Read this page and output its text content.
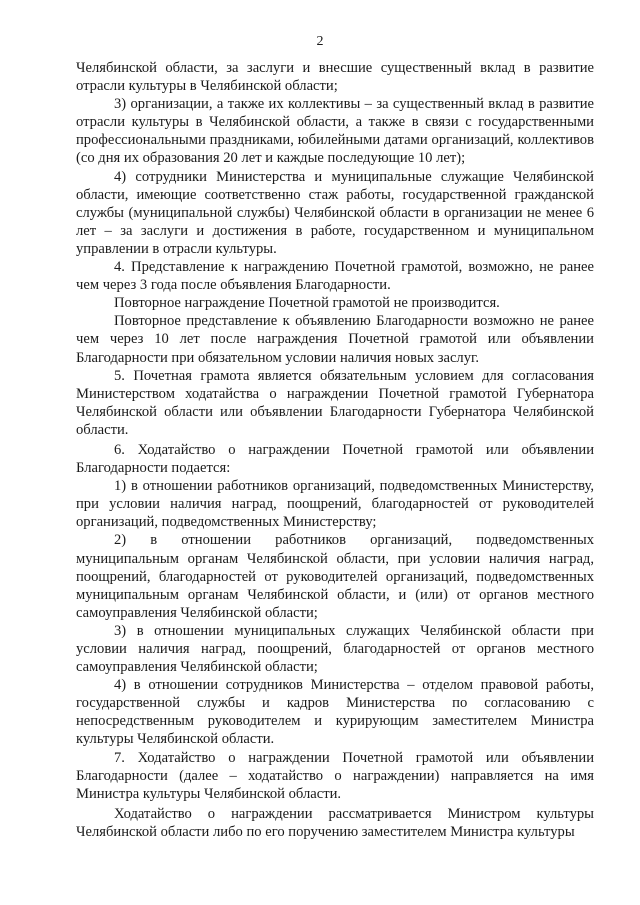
2

Челябинской области, за заслуги и внесшие существенный вклад в развитие отрасли культуры в Челябинской области;

3) организации, а также их коллективы – за существенный вклад в развитие отрасли культуры в Челябинской области, а также в связи с государственными профессиональными праздниками, юбилейными датами организаций, коллективов (со дня их образования 20 лет и каждые последующие 10 лет);

4) сотрудники Министерства и муниципальные служащие Челябинской области, имеющие соответственно стаж работы, государственной гражданской службы (муниципальной службы) Челябинской области в организации не менее 6 лет – за заслуги и достижения в работе, государственном и муниципальном управлении в отрасли культуры.

4. Представление к награждению Почетной грамотой, возможно, не ранее чем через 3 года после объявления Благодарности.

Повторное награждение Почетной грамотой не производится.

Повторное представление к объявлению Благодарности возможно не ранее чем через 10 лет после награждения Почетной грамотой или объявлении Благодарности при обязательном условии наличия новых заслуг.

5. Почетная грамота является обязательным условием для согласования Министерством ходатайства о награждении Почетной грамотой Губернатора Челябинской области или объявлении Благодарности Губернатора Челябинской области.

6. Ходатайство о награждении Почетной грамотой или объявлении Благодарности подается:

1) в отношении работников организаций, подведомственных Министерству, при условии наличия наград, поощрений, благодарностей от руководителей организаций, подведомственных Министерству;

2) в отношении работников организаций, подведомственных муниципальным органам Челябинской области, при условии наличия наград, поощрений, благодарностей от руководителей организаций, подведомственных муниципальным органам Челябинской области, и (или) от органов местного самоуправления Челябинской области;

3) в отношении муниципальных служащих Челябинской области при условии наличия наград, поощрений, благодарностей от органов местного самоуправления Челябинской области;

4) в отношении сотрудников Министерства – отделом правовой работы, государственной службы и кадров Министерства по согласованию с непосредственным руководителем и курирующим заместителем Министра культуры Челябинской области.

7. Ходатайство о награждении Почетной грамотой или объявлении Благодарности (далее – ходатайство о награждении) направляется на имя Министра культуры Челябинской области.

Ходатайство о награждении рассматривается Министром культуры Челябинской области либо по его поручению заместителем Министра культуры
